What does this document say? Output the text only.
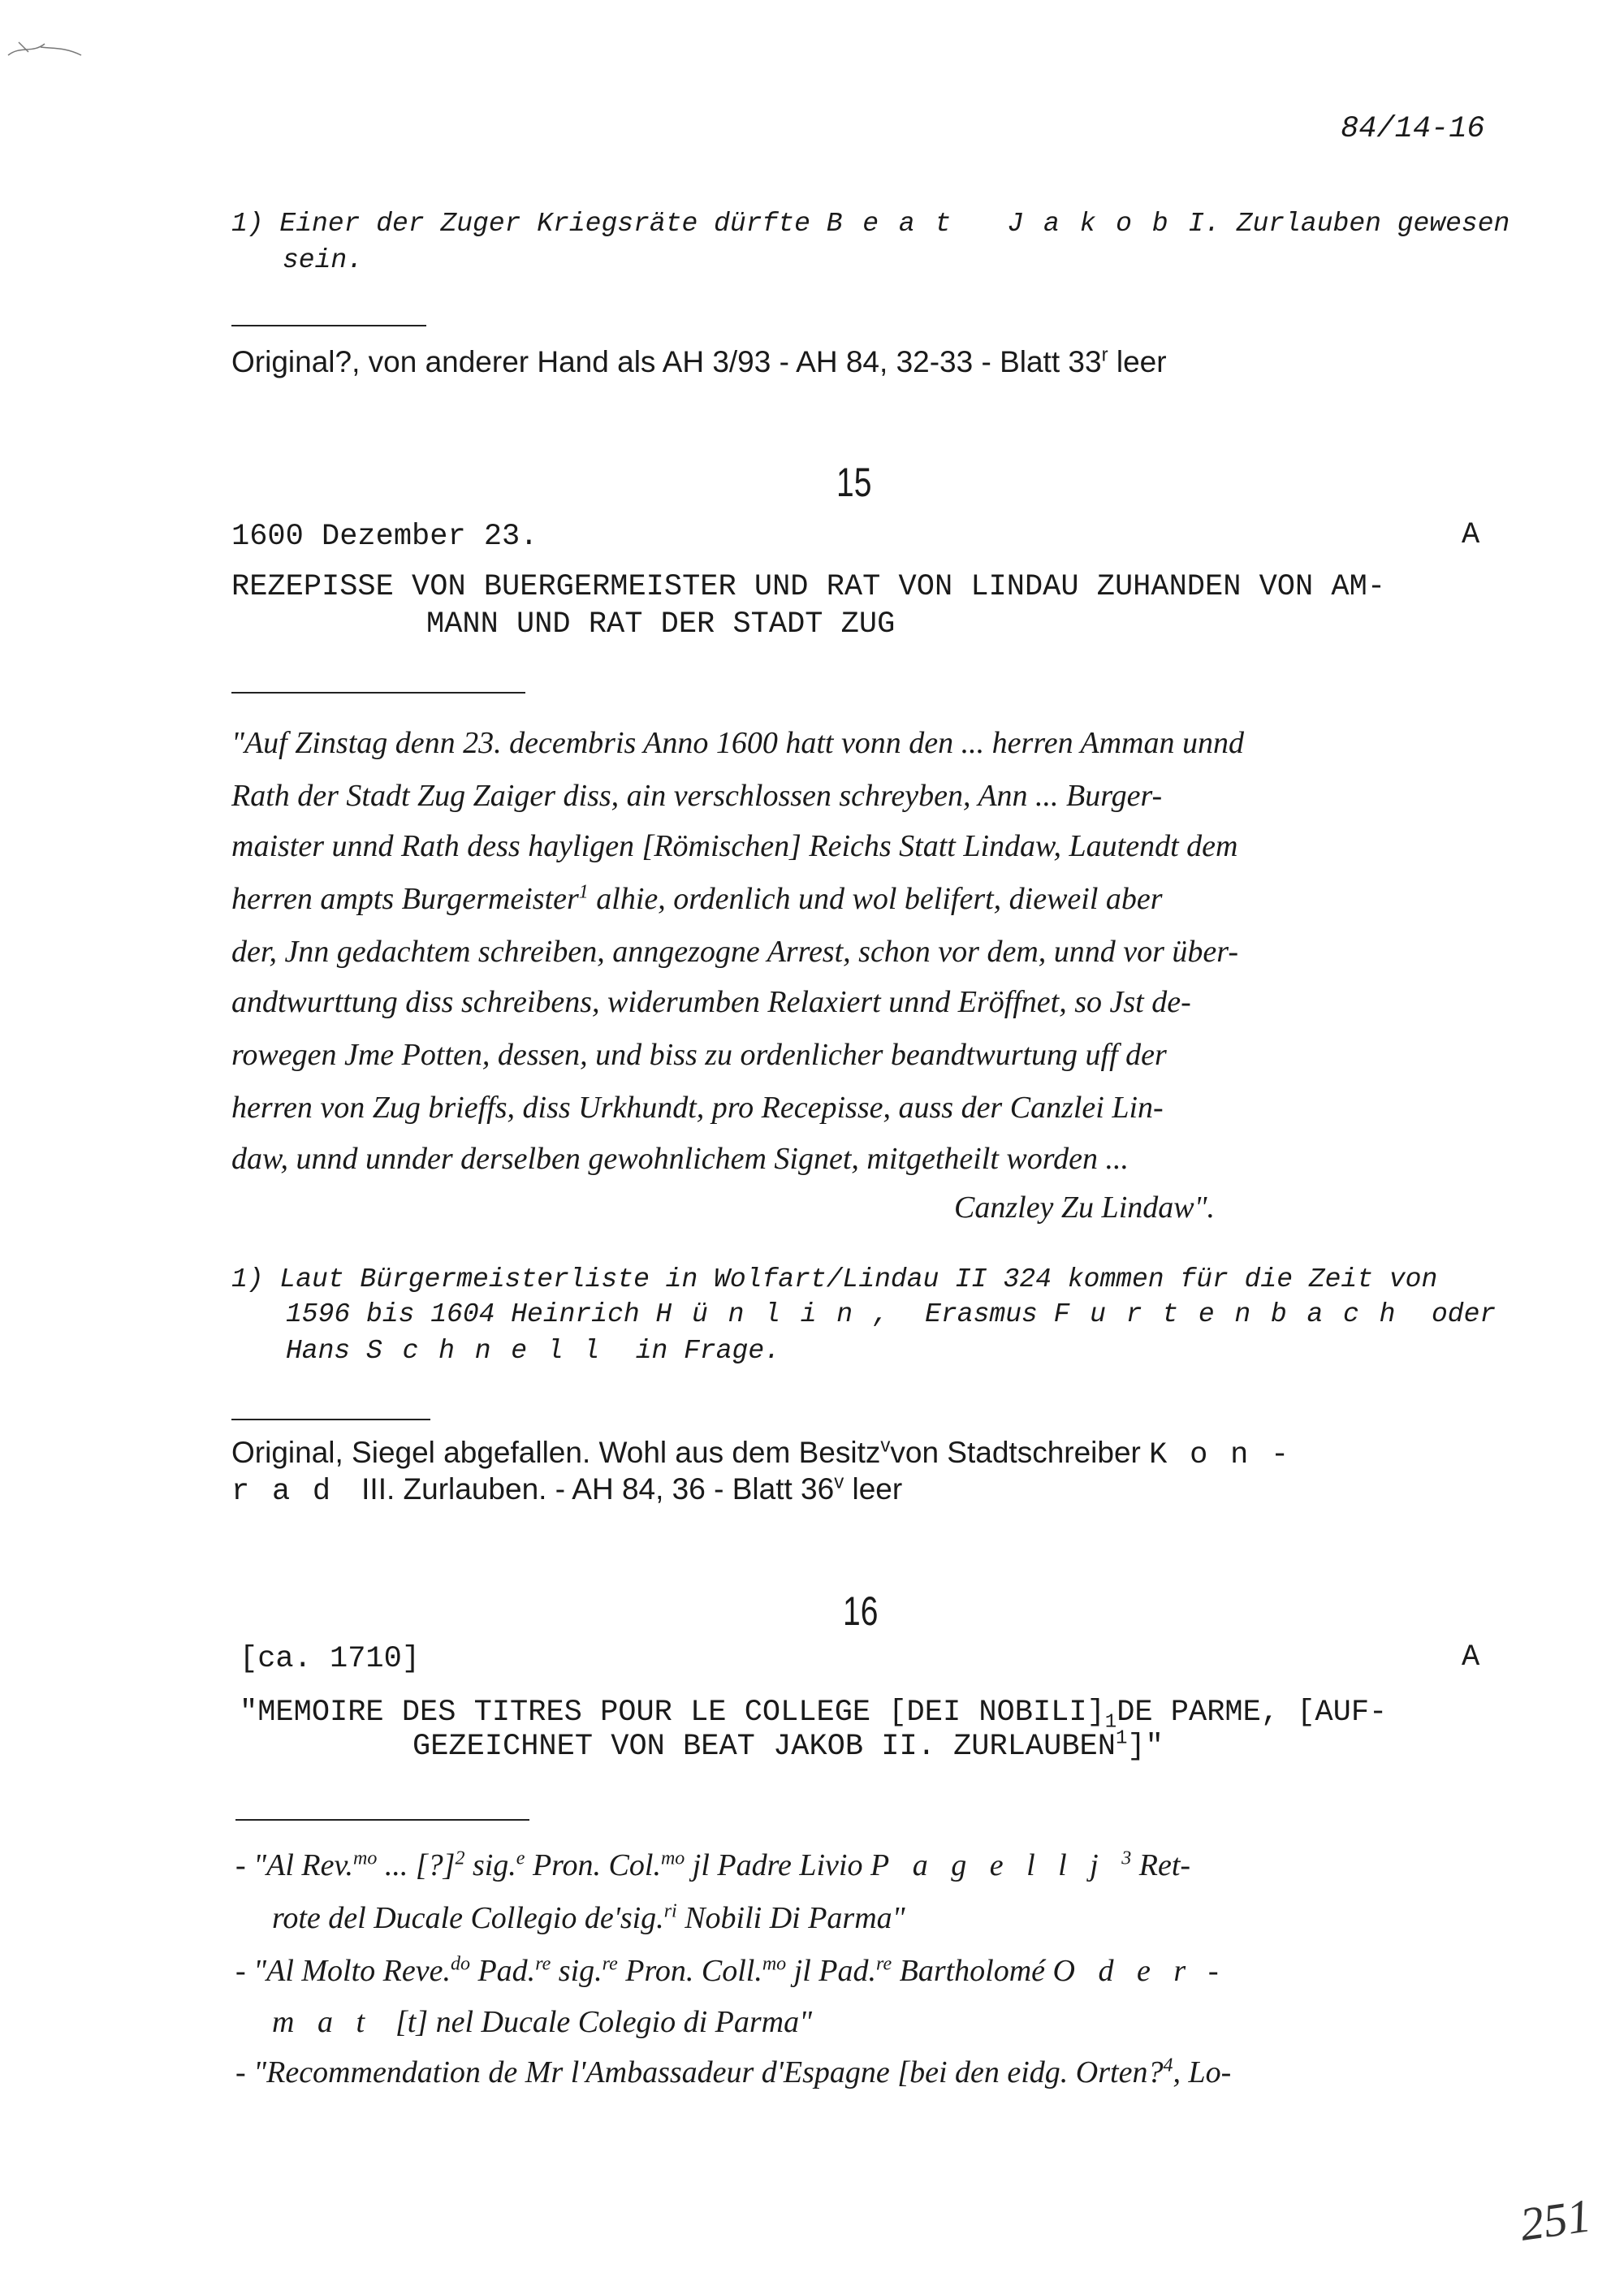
84/14-16
1) Einer der Zuger Kriegsräte dürfte Beat JakobI. Zurlauben gewesen
sein.
Original?, von anderer Hand als AH 3/93 - AH 84, 32-33 - Blatt 33$^r$ leer
15
1600 Dezember 23.	A
REZEPISSE VON BUERGERMEISTER UND RAT VON LINDAU ZUHANDEN VON AM-
MANN UND RAT DER STADT ZUG
"Auf Zinstag denn 23. decembris Anno 1600 hatt vonn den ... herren Amman unnd
Rath der Stadt Zug Zaiger diss, ain verschlossen schreyben, Ann ... Burger-
maister unnd Rath dess hayligen [Römischen] Reichs Statt Lindaw, Lautendt dem
herren ampts Burgermeister$^1$ alhie, ordenlich und wol belifert, dieweil aber
der, Jnn gedachtem schreiben, anngezogne Arrest, schon vor dem, unnd vor über-
andtwurttung diss schreibens, widerumben Relaxiert unnd Eröffnet, so Jst de-
rowegen Jme Potten, dessen, und biss zu ordenlicher beandtwurtung uff der
herren von Zug brieffs, diss Urkhundt, pro Recepisse, auss der Canzlei Lin-
daw, unnd unnder derselben gewohnlichem Signet, mitgetheilt worden ...
Canzley Zu Lindaw".
1) Laut Bürgermeisterliste in Wolfart/Lindau II 324 kommen für die Zeit von
1596 bis 1604 Heinrich Hünlin, Erasmus Furtenbach oder
Hans Schnell in Frage.
Original, Siegel abgefallen. Wohl aus dem Besitz$^v$von Stadtschreiber Kon-
rad III. Zurlauben. - AH 84, 36 - Blatt 36$^v$ leer
16
[ca. 1710]	A
"MEMOIRE DES TITRES POUR LE COLLEGE [DEI $NOBILI]_1DE$ PARME, [AUF-
GEZEICHNET VON BEAT JAKOB II. ZURLAUBEN$^1$]"
- "Al Rev.$^{mo}$ ... [?]$^2$ sig.$^e$ Pron. Col.$^{mo}$ jl Padre Livio Pagellj$^3$ Ret-
rote del Ducale Collegio de'sig.$^{ri}$ Nobili Di Parma"
- "Al Molto Reve.$^{do}$ Pad.$^{re}$ sig.$^{re}$ Pron. Coll.$^{mo}$ jl Pad.$^{re}$ Bartholomé Oder-
mat [t] nel Ducale Colegio di Parma"
- "Recommendation de Mr l'Ambassadeur d'Espagne [bei den eidg. Orten?$^4$, Lo-
251
